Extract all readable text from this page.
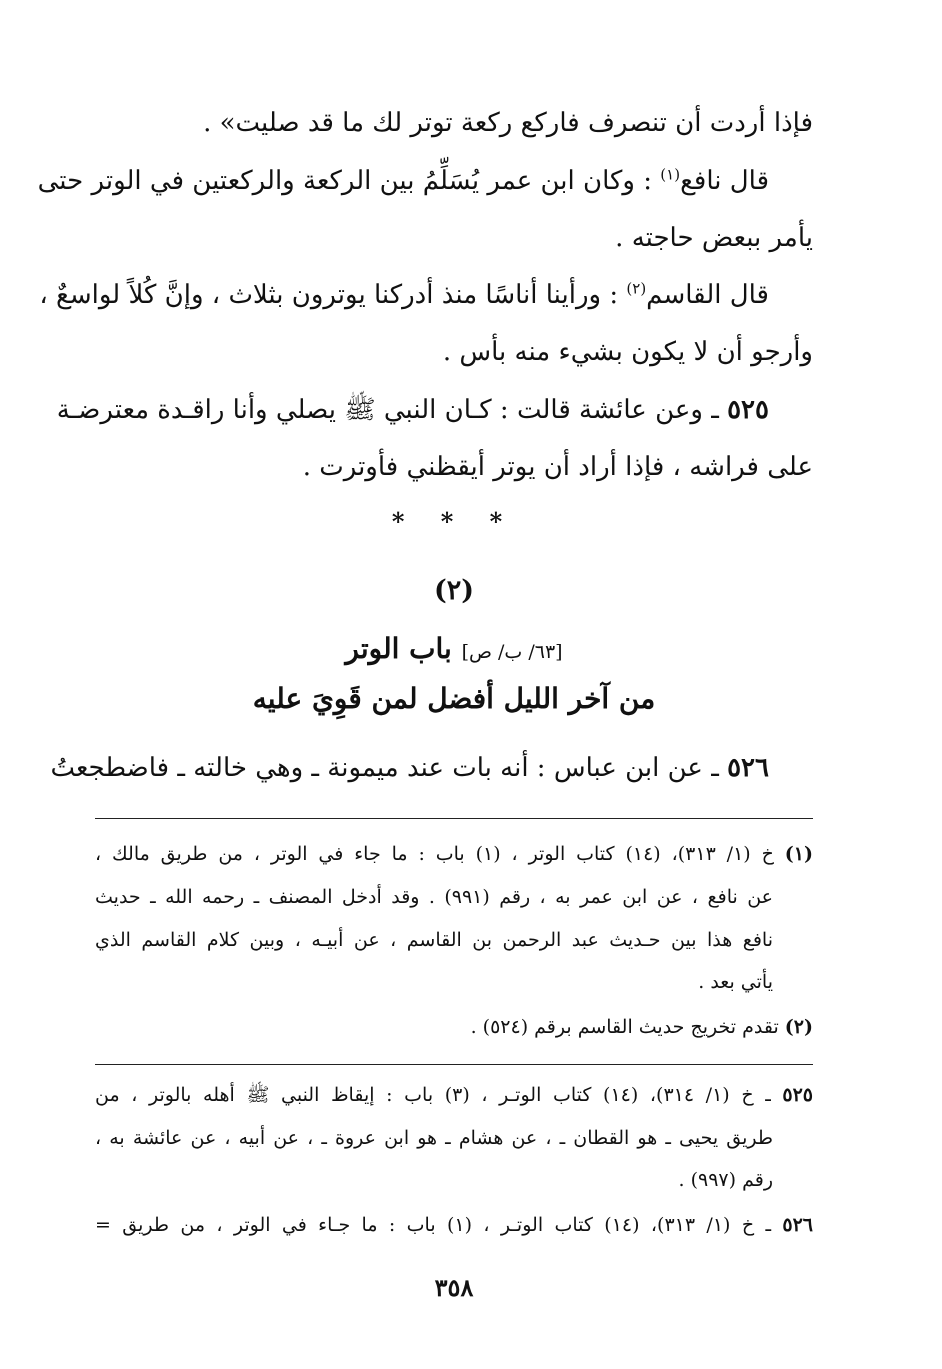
فإذا أردت أن تنصرف فاركع ركعة توتر لك ما قد صليت» .
قال نافع$^{(١)}$ : وكان ابن عمر يُسَلِّمُ بين الركعة والركعتين في الوتر حتى
يأمر ببعض حاجته .
قال القاسم$^{(٢)}$ : ورأينا أناسًا منذ أدركنا يوترون بثلاث ، وإنَّ كُلاً لواسعٌ ،
وأرجو أن لا يكون بشيء منه بأس .
٥٢٥ ـ وعن عائشة قالت : كـان النبي ﷺ يصلي وأنا راقـدة معترضـة
على فراشه ، فإذا أراد أن يوتر أيقظني فأوترت .
* * *
(٢)
[٦٣/ ب/ ص] باب الوتر
من آخر الليل أفضل لمن قَوِيَ عليه
٥٢٦ ـ عن ابن عباس : أنه بات عند ميمونة ـ وهي خالته ـ فاضطجعتُ
(١) خ (١/ ٣١٣)، (١٤) كتاب الوتر ، (١) باب : ما جاء في الوتر ، من طريق مالك ،
عن نافع ، عن ابن عمر به ، رقم (٩٩١) . وقد أدخل المصنف ـ رحمه الله ـ حديث
نافع هذا بين حـديث عبد الرحمن بن القاسم ، عن أبيـه ، وبين كلام القاسم الذي
يأتي بعد .
(٢) تقدم تخريج حديث القاسم برقم (٥٢٤) .
٥٢٥ ـ خ (١/ ٣١٤)، (١٤) كتاب الوتـر ، (٣) باب : إيقاظ النبي ﷺ أهله بالوتر ، من
طريق يحيى ـ هو القطان ـ ، عن هشام ـ هو ابن عروة ـ ، عن أبيه ، عن عائشة به ،
رقم (٩٩٧) .
٥٢٦ ـ خ (١/ ٣١٣)، (١٤) كتاب الوتـر ، (١) باب : ما جـاء في الوتر ، من طريق =
٣٥٨
